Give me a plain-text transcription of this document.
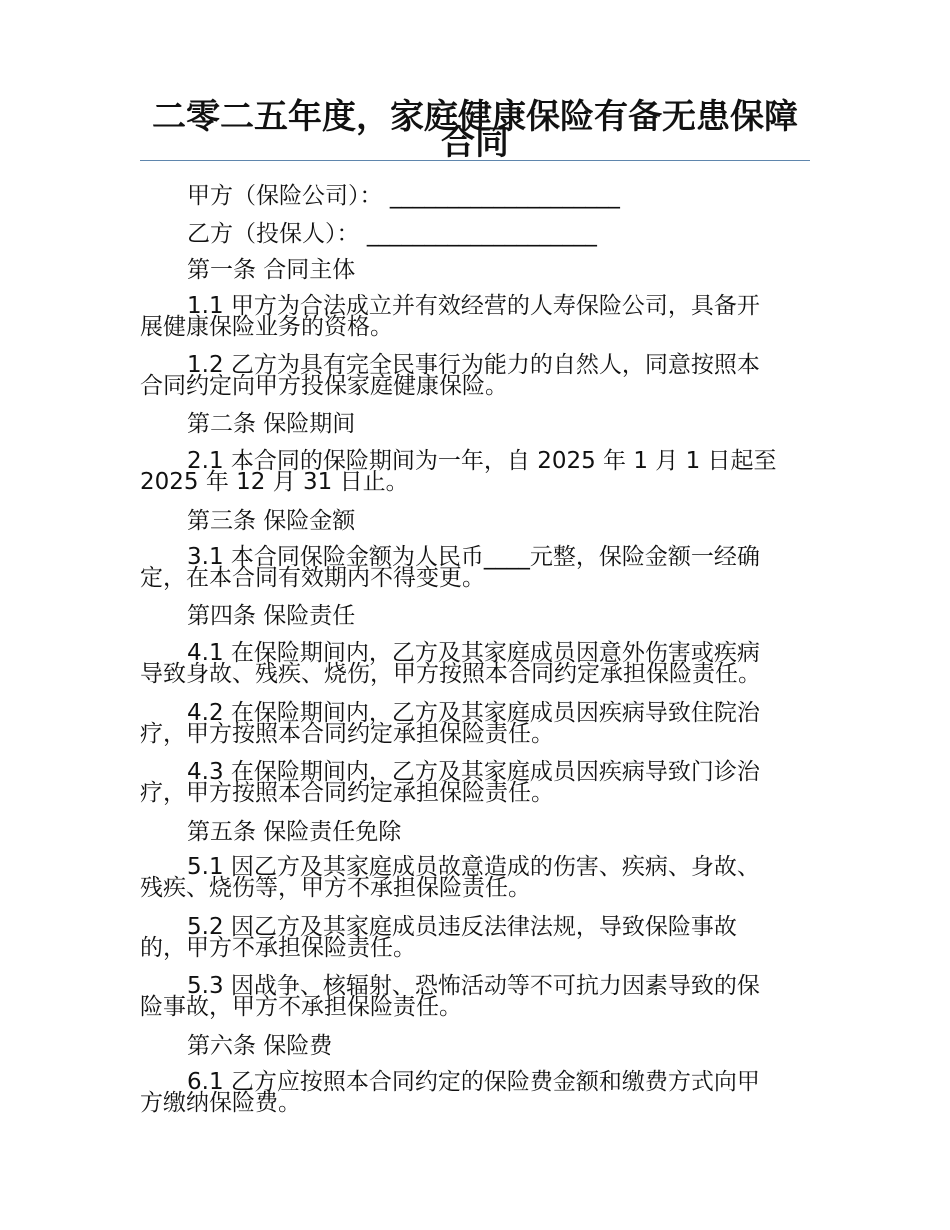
二零二五年度，家庭健康保险有备无患保障合同
甲方（保险公司）： ____________________
乙方（投保人）： ____________________
第一条 合同主体
1.1 甲方为合法成立并有效经营的人寿保险公司，具备开
展健康保险业务的资格。
1.2 乙方为具有完全民事行为能力的自然人，同意按照本
合同约定向甲方投保家庭健康保险。
第二条 保险期间
2.1 本合同的保险期间为一年，自 2025 年 1 月 1 日起至
2025 年 12 月 31 日止。
第三条 保险金额
3.1 本合同保险金额为人民币____元整，保险金额一经确
定，在本合同有效期内不得变更。
第四条 保险责任
4.1 在保险期间内，乙方及其家庭成员因意外伤害或疾病
导致身故、残疾、烧伤，甲方按照本合同约定承担保险责任。
4.2 在保险期间内，乙方及其家庭成员因疾病导致住院治
疗，甲方按照本合同约定承担保险责任。
4.3 在保险期间内，乙方及其家庭成员因疾病导致门诊治
疗，甲方按照本合同约定承担保险责任。
第五条 保险责任免除
5.1 因乙方及其家庭成员故意造成的伤害、疾病、身故、
残疾、烧伤等，甲方不承担保险责任。
5.2 因乙方及其家庭成员违反法律法规，导致保险事故
的，甲方不承担保险责任。
5.3 因战争、核辐射、恐怖活动等不可抗力因素导致的保
险事故，甲方不承担保险责任。
第六条 保险费
6.1 乙方应按照本合同约定的保险费金额和缴费方式向甲
方缴纳保险费。
